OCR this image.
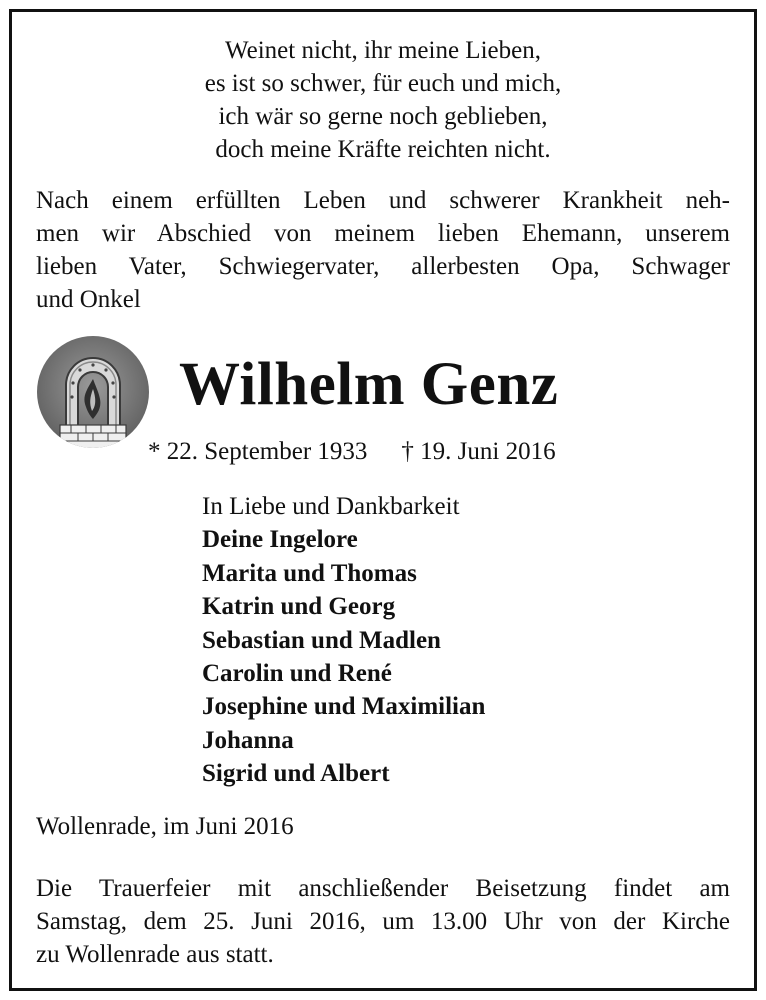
Weinet nicht, ihr meine Lieben,
es ist so schwer, für euch und mich,
ich wär so gerne noch geblieben,
doch meine Kräfte reichten nicht.
Nach einem erfüllten Leben und schwerer Krankheit neh-
men wir Abschied von meinem lieben Ehemann, unserem
lieben Vater, Schwiegervater, allerbesten Opa, Schwager
und Onkel
Wilhelm Genz
* 22. September 1933 † 19. Juni 2016
In Liebe und Dankbarkeit
Deine Ingelore
Marita und Thomas
Katrin und Georg
Sebastian und Madlen
Carolin und René
Josephine und Maximilian
Johanna
Sigrid und Albert
Wollenrade, im Juni 2016
Die Trauerfeier mit anschließender Beisetzung findet am
Samstag, dem 25. Juni 2016, um 13.00 Uhr von der Kirche
zu Wollenrade aus statt.
